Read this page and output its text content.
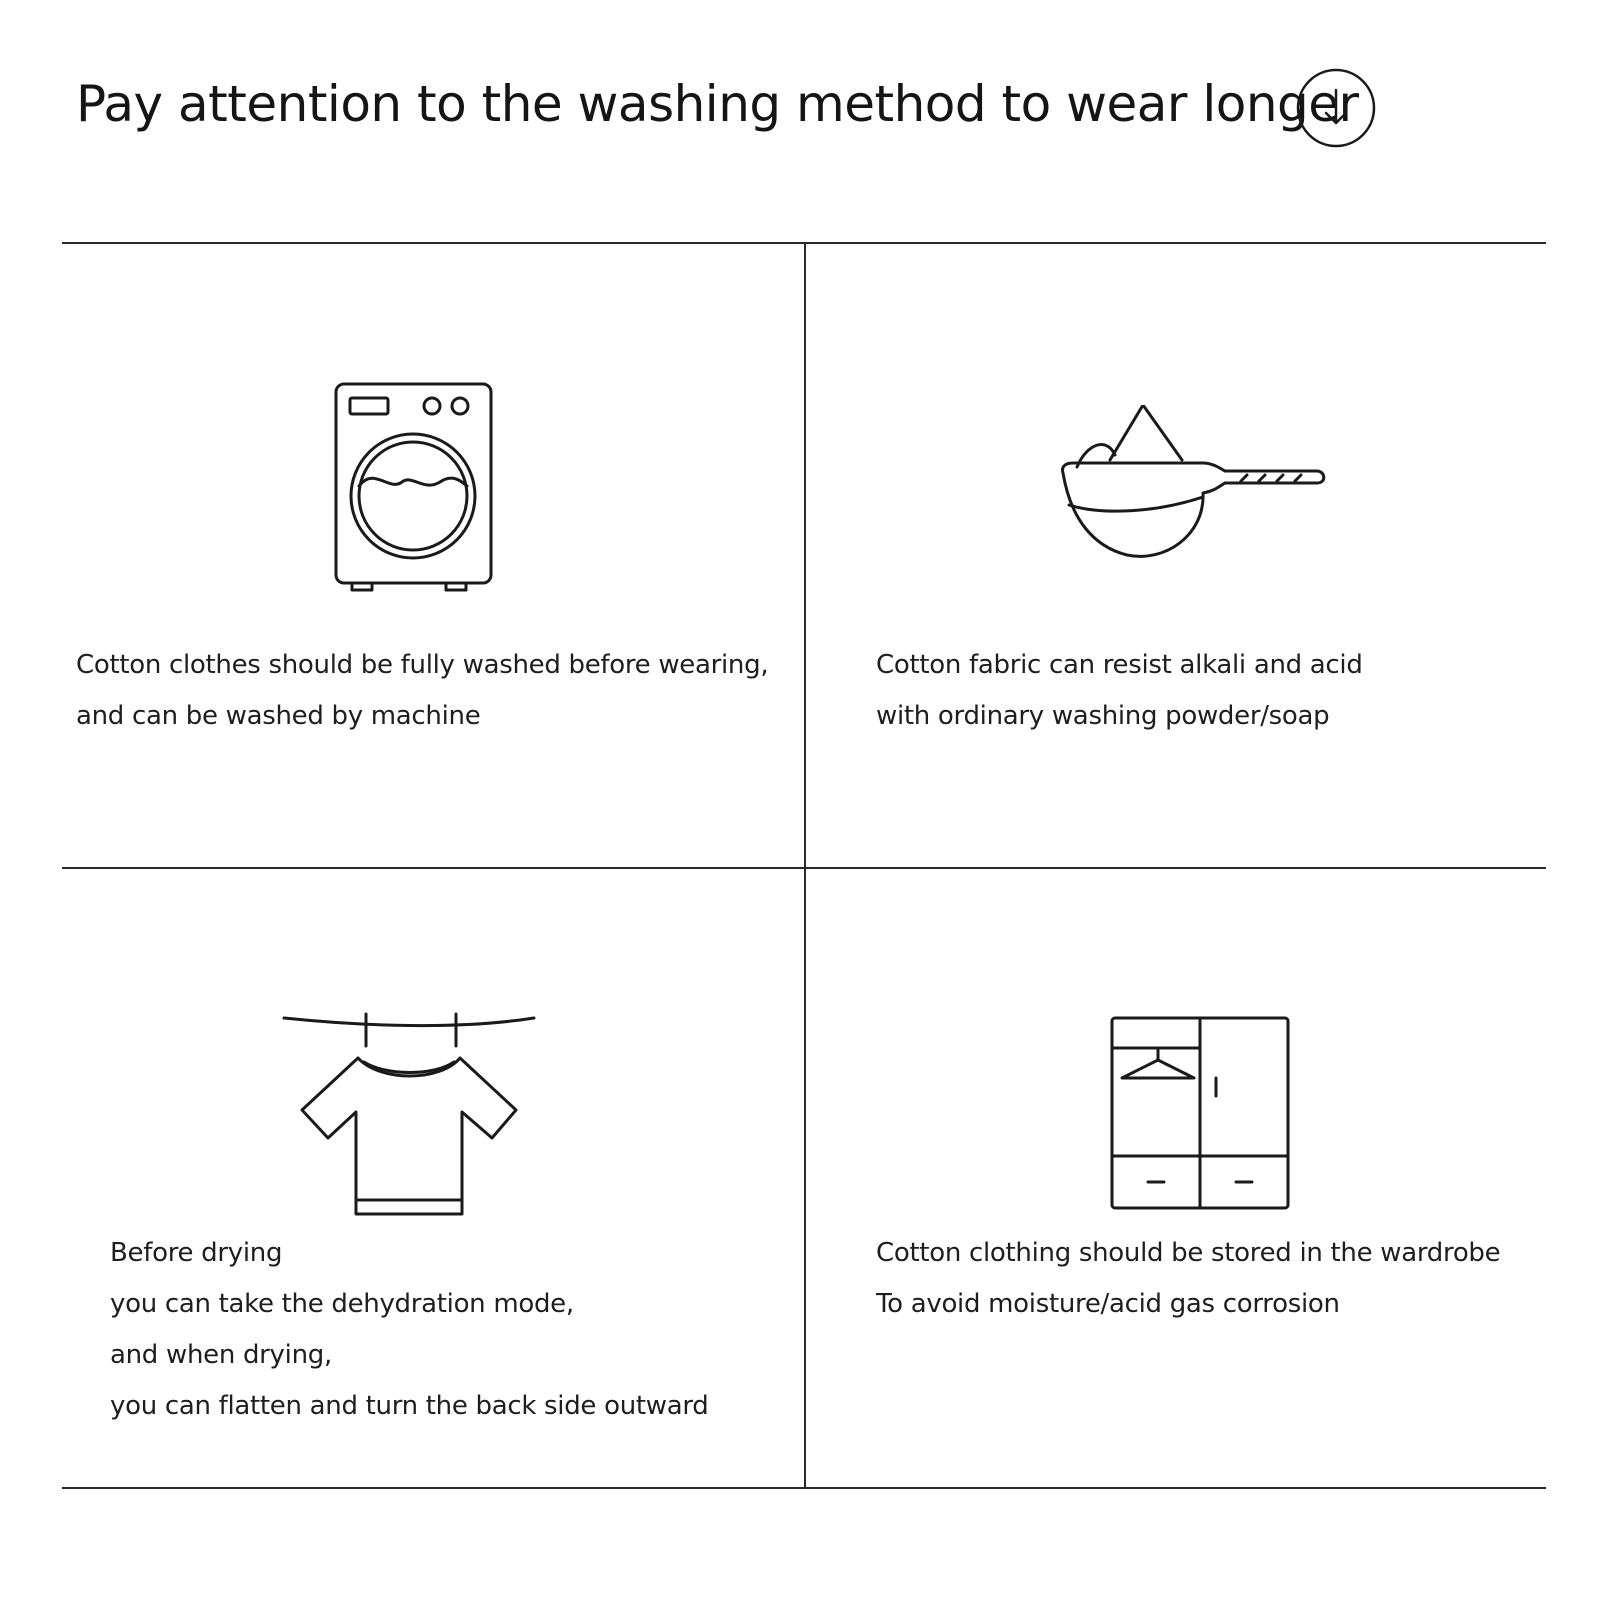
Pay attention to the washing method to wear longer
Cotton clothes should be fully washed before wearing,
and can be washed by machine
Cotton fabric can resist alkali and acid
with ordinary washing powder/soap
Before drying
you can take the dehydration mode,
and when drying,
you can flatten and turn the back side outward
Cotton clothing should be stored in the wardrobe
To avoid moisture/acid gas corrosion
